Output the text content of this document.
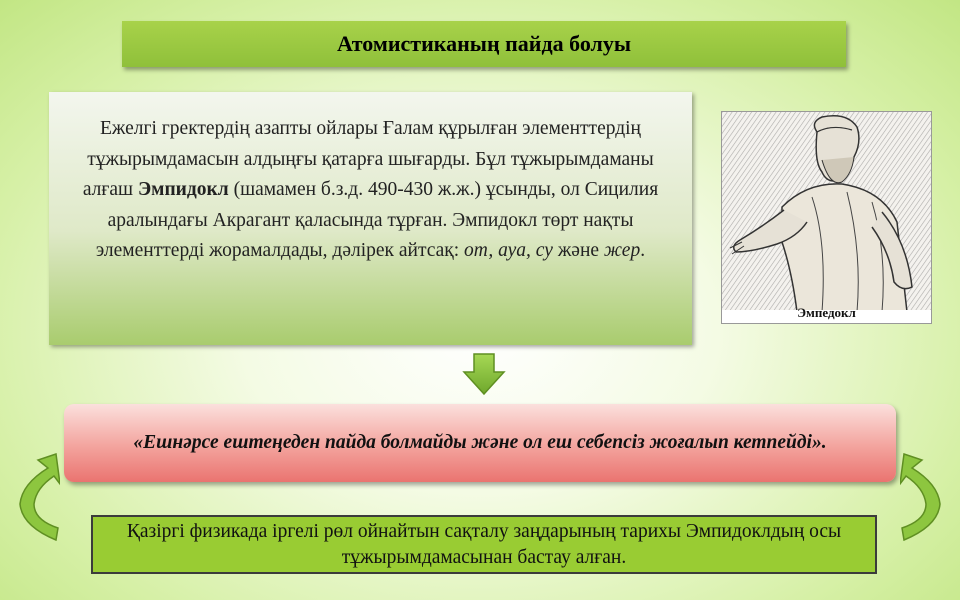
Атомистиканың пайда болуы
Ежелгі гректердің азапты ойлары Ғалам құрылған элементтердің тұжырымдамасын алдыңғы қатарға шығарды. Бұл тұжырымдаманы алғаш Эмпидокл (шамамен б.з.д. 490-430 ж.ж.) ұсынды, ол Сицилия аралындағы Акрагант қаласында тұрған. Эмпидокл төрт нақты элементтерді жорамалдады, дәлірек айтсақ: от, ауа, су және жер.
Эмпедокл
«Ешнәрсе ештеңеден пайда болмайды және ол еш себепсіз жоғалып кетпейді».
Қазіргі физикада іргелі рөл ойнайтын сақталу заңдарының тарихы Эмпидоклдың осы тұжырымдамасынан бастау алған.
